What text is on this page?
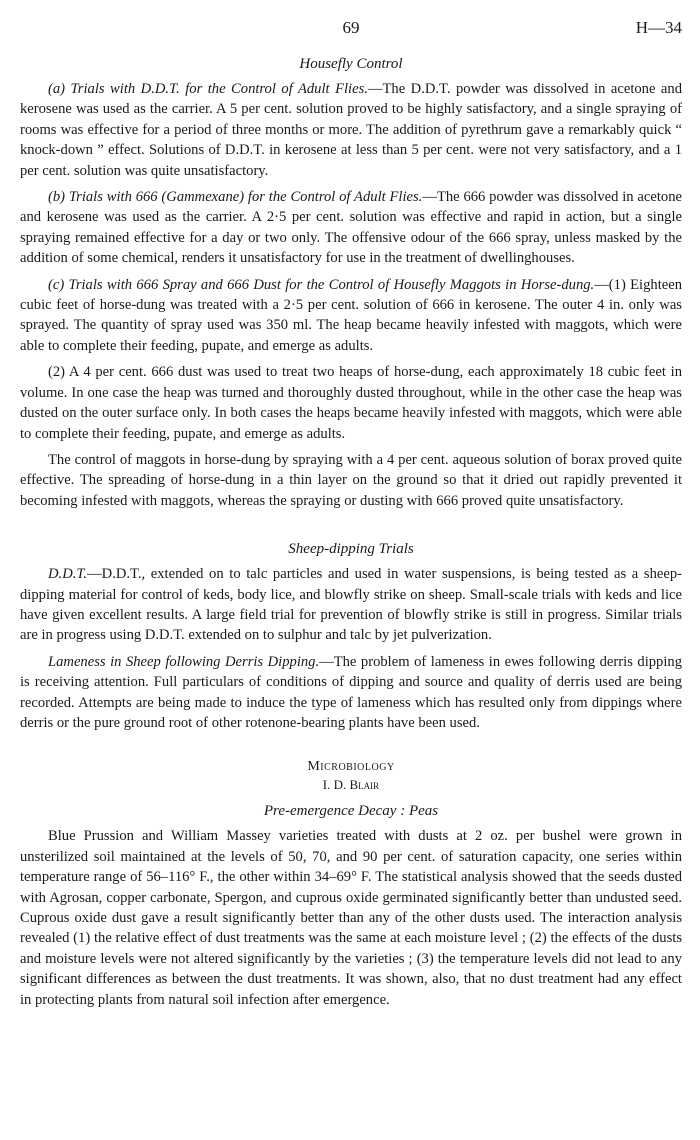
69	H—34
Housefly Control

(a) Trials with D.D.T. for the Control of Adult Flies.—The D.D.T. powder was dissolved in acetone and kerosene was used as the carrier. A 5 per cent. solution proved to be highly satisfactory, and a single spraying of rooms was effective for a period of three months or more. The addition of pyrethrum gave a remarkably quick “ knock-down ” effect. Solutions of D.D.T. in kerosene at less than 5 per cent. were not very satisfactory, and a 1 per cent. solution was quite unsatisfactory.

(b) Trials with 666 (Gammexane) for the Control of Adult Flies.—The 666 powder was dissolved in acetone and kerosene was used as the carrier. A 2·5 per cent. solution was effective and rapid in action, but a single spraying remained effective for a day or two only. The offensive odour of the 666 spray, unless masked by the addition of some chemical, renders it unsatisfactory for use in the treatment of dwellinghouses.

(c) Trials with 666 Spray and 666 Dust for the Control of Housefly Maggots in Horse-dung.—(1) Eighteen cubic feet of horse-dung was treated with a 2·5 per cent. solution of 666 in kerosene. The outer 4 in. only was sprayed. The quantity of spray used was 350 ml. The heap became heavily infested with maggots, which were able to complete their feeding, pupate, and emerge as adults.

(2) A 4 per cent. 666 dust was used to treat two heaps of horse-dung, each approximately 18 cubic feet in volume. In one case the heap was turned and thoroughly dusted throughout, while in the other case the heap was dusted on the outer surface only. In both cases the heaps became heavily infested with maggots, which were able to complete their feeding, pupate, and emerge as adults.

The control of maggots in horse-dung by spraying with a 4 per cent. aqueous solution of borax proved quite effective. The spreading of horse-dung in a thin layer on the ground so that it dried out rapidly prevented it becoming infested with maggots, whereas the spraying or dusting with 666 proved quite unsatisfactory.

Sheep-dipping Trials

D.D.T.—D.D.T., extended on to talc particles and used in water suspensions, is being tested as a sheep-dipping material for control of keds, body lice, and blowfly strike on sheep. Small-scale trials with keds and lice have given excellent results. A large field trial for prevention of blowfly strike is still in progress. Similar trials are in progress using D.D.T. extended on to sulphur and talc by jet pulverization.

Lameness in Sheep following Derris Dipping.—The problem of lameness in ewes following derris dipping is receiving attention. Full particulars of conditions of dipping and source and quality of derris used are being recorded. Attempts are being made to induce the type of lameness which has resulted only from dippings where derris or the pure ground root of other rotenone-bearing plants have been used.

Microbiology
I. D. Blair
Pre-emergence Decay : Peas

Blue Prussion and William Massey varieties treated with dusts at 2 oz. per bushel were grown in unsterilized soil maintained at the levels of 50, 70, and 90 per cent. of saturation capacity, one series within temperature range of 56–116° F., the other within 34–69° F. The statistical analysis showed that the seeds dusted with Agrosan, copper carbonate, Spergon, and cuprous oxide germinated significantly better than undusted seed. Cuprous oxide dust gave a result significantly better than any of the other dusts used. The interaction analysis revealed (1) the relative effect of dust treatments was the same at each moisture level ; (2) the effects of the dusts and moisture levels were not altered significantly by the varieties ; (3) the temperature levels did not lead to any significant differences as between the dust treatments. It was shown, also, that no dust treatment had any effect in protecting plants from natural soil infection after emergence.
